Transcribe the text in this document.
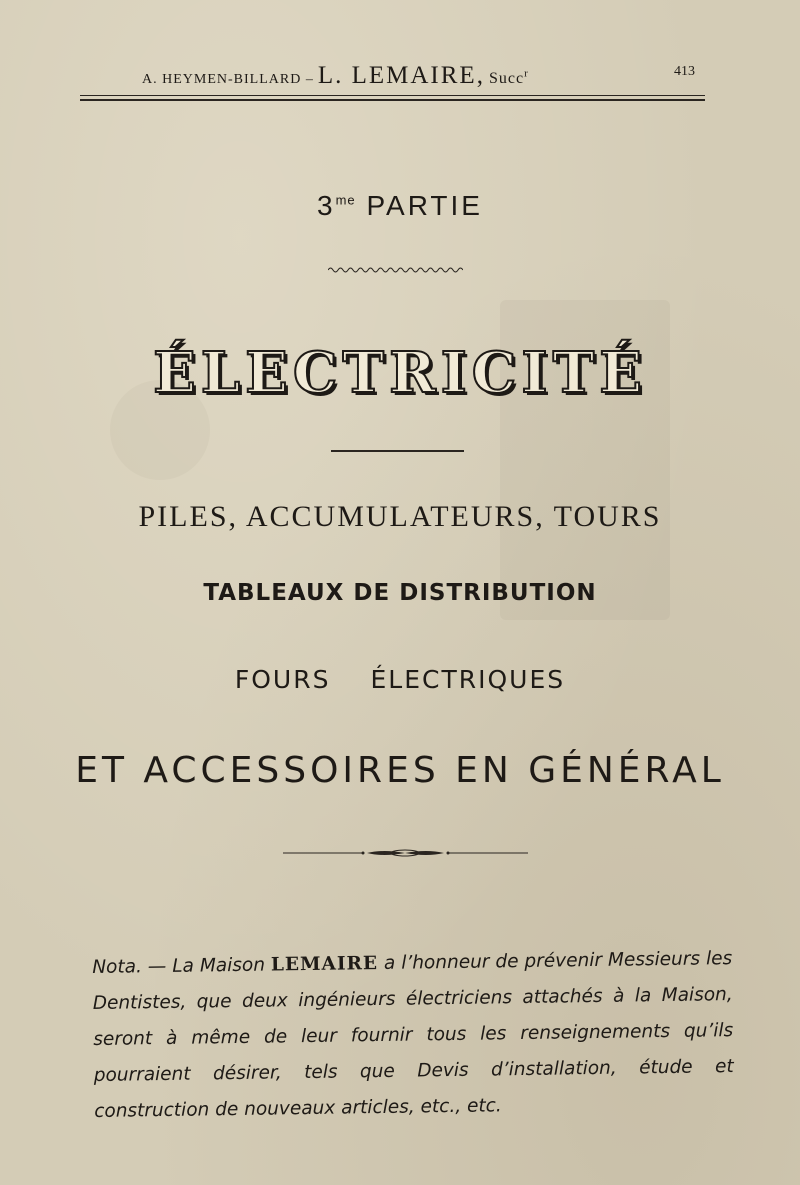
A. HEYMEN-BILLARD – L. LEMAIRE, Succ$^r$	413
$3^{me}$ PARTIE
ÉLECTRICITÉ
PILES, ACCUMULATEURS, TOURS
TABLEAUX DE DISTRIBUTION
FOURS ÉLECTRIQUES
ET ACCESSOIRES EN GÉNÉRAL
Nota. — La Maison LEMAIRE a l’honneur de prévenir Messieurs les Dentistes, que deux ingénieurs électriciens attachés à la Maison, seront à même de leur fournir tous les renseignements qu’ils pourraient désirer, tels que Devis d’installation, étude et construction de nouveaux articles, etc., etc.
